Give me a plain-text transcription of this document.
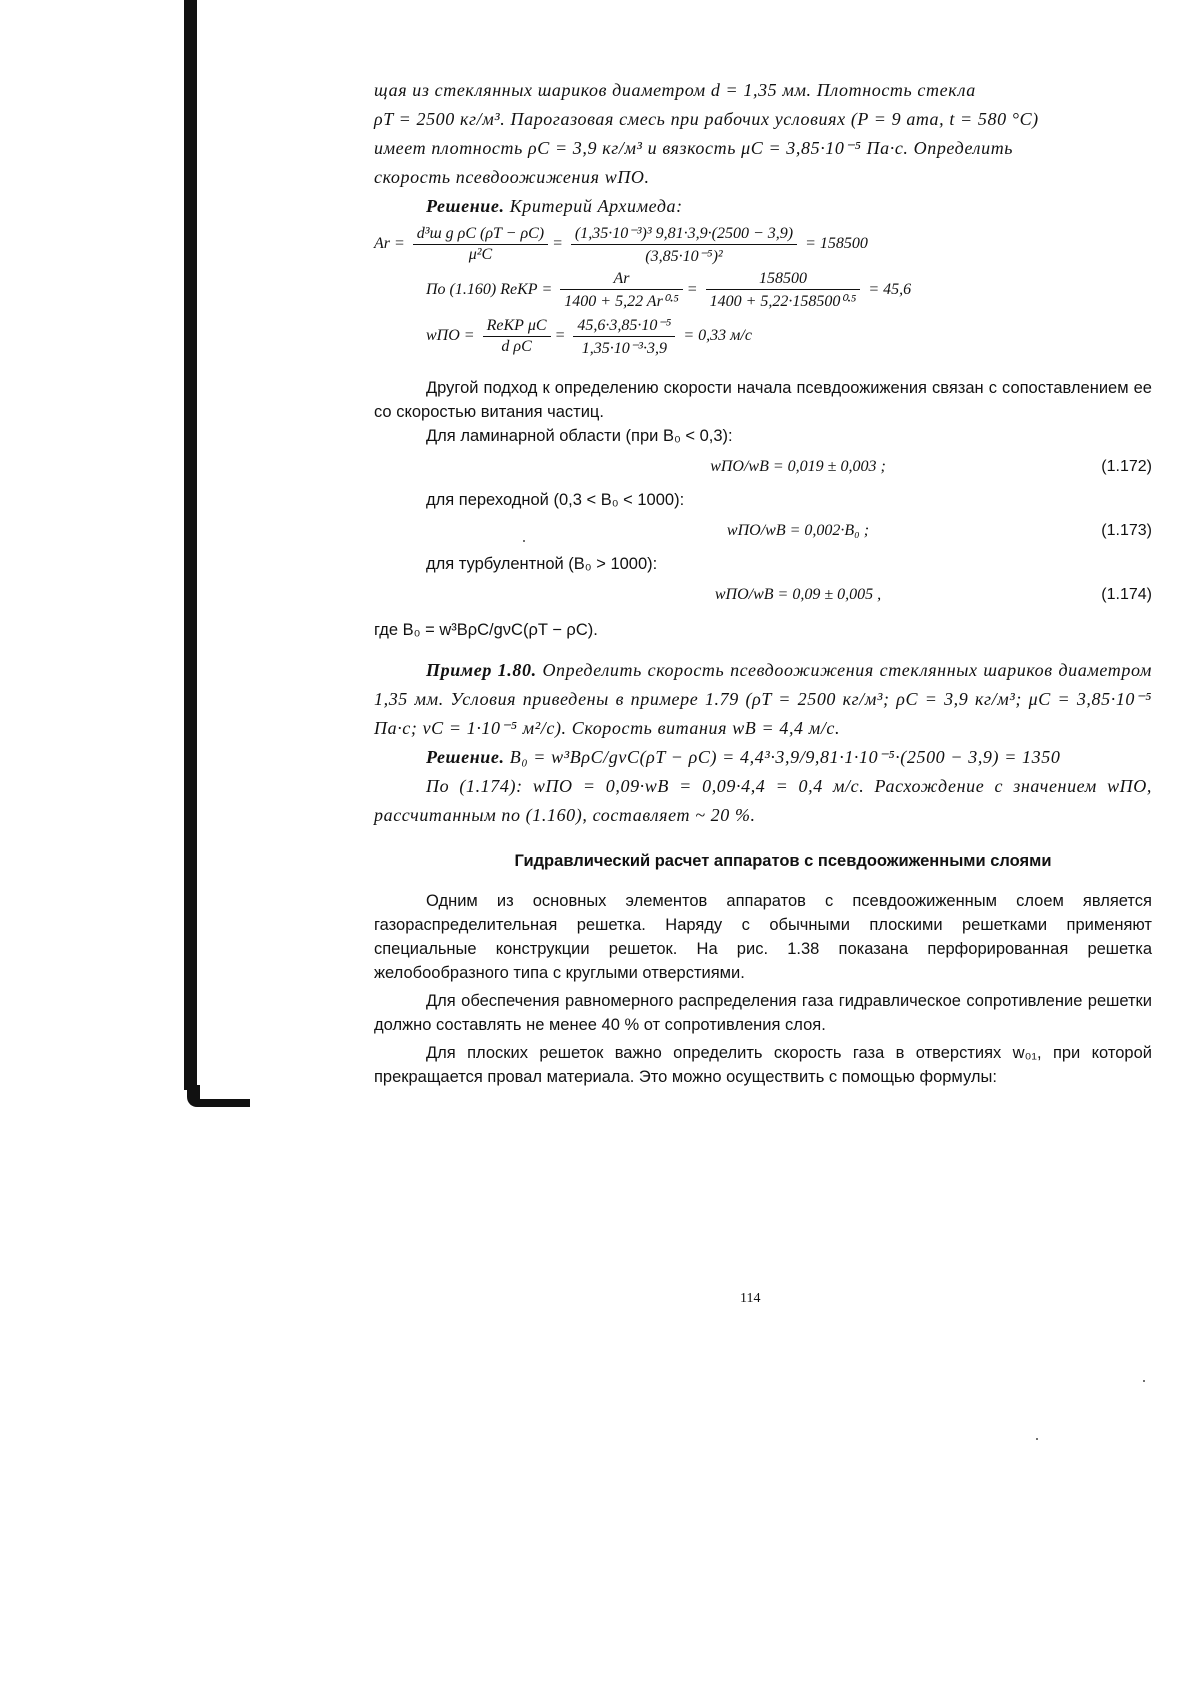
щая из стеклянных шариков диаметром d = 1,35 мм. Плотность стекла
ρT = 2500 кг/м³. Парогазовая смесь при рабочих условиях (P = 9 ama, t = 580 °C)
имеет плотность ρC = 3,9 кг/м³ и вязкость μC = 3,85·10⁻⁵ Па·с. Определить
скорость псевдоожижения wПО.
Решение. Критерий Архимеда:
$Ar = \frac{\text{d³ш g ρC (ρT − ρC)}}{\text{μ²C}} = \frac{\text{(1,35·10⁻³)³ 9,81·3,9·(2500 − 3,9)}}{\text{(3,85·10⁻⁵)²}} = 158500$
По (1.160) ReКР = $\frac{Ar}{\text{1400 + 5,22 Ar⁰·⁵}} = \frac{158500}{\text{1400 + 5,22·158500⁰·⁵}} = 45,6$
wПО = $\frac{\text{ReКР μC}}{\text{d ρC}} = \frac{\text{45,6·3,85·10⁻⁵}}{\text{1,35·10⁻³·3,9}} = 0,33$ м/с
Другой подход к определению скорости начала псевдоожижения связан с сопоставлением ее со скоростью витания частиц.
Для ламинарной области (при B₀ < 0,3):
wПО/wВ = 0,019 ± 0,003 ;	(1.172)
для переходной (0,3 < B₀ < 1000):
wПО/wВ = 0,002·B₀ ;	(1.173)
для турбулентной (B₀ > 1000):
wПО/wВ = 0,09 ± 0,005 ,	(1.174)
где B₀ = w³ВρC/gνC(ρT − ρC).
Пример 1.80. Определить скорость псевдоожижения стеклянных шариков диаметром 1,35 мм. Условия приведены в примере 1.79 (ρT = 2500 кг/м³; ρC = 3,9 кг/м³; μC = 3,85·10⁻⁵ Па·с; νC = 1·10⁻⁵ м²/с). Скорость витания wВ = 4,4 м/с.
Решение. B₀ = w³ВρC/gνC(ρT − ρC) = 4,4³·3,9/9,81·1·10⁻⁵·(2500 − 3,9) = 1350
По (1.174): wПО = 0,09·wВ = 0,09·4,4 = 0,4 м/с. Расхождение с значением wПО, рассчитанным по (1.160), составляет ~ 20 %.
Гидравлический расчет аппаратов с псевдоожиженными слоями
Одним из основных элементов аппаратов с псевдоожиженным слоем является газораспределительная решетка. Наряду с обычными плоскими решетками применяют специальные конструкции решеток. На рис. 1.38 показана перфорированная решетка желобообразного типа с круглыми отверстиями.
Для обеспечения равномерного распределения газа гидравлическое сопротивление решетки должно составлять не менее 40 % от сопротивления слоя.
Для плоских решеток важно определить скорость газа в отверстиях w₀₁, при которой прекращается провал материала. Это можно осуществить с помощью формулы:
114
